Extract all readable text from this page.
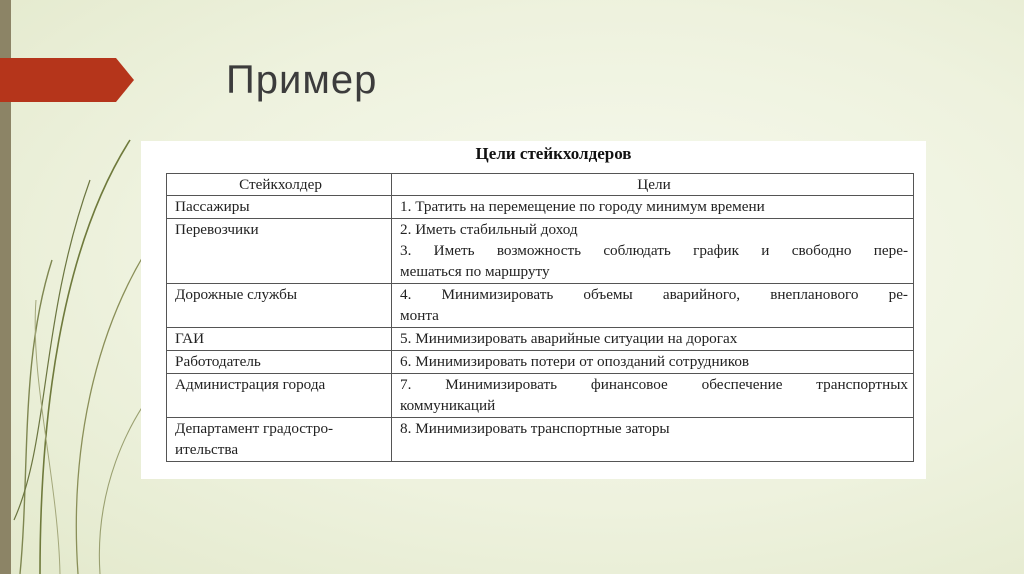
Пример
Цели стейкхолдеров
Стейкхолдер	Цели

Пассажиры	1. Тратить на перемещение по городу минимум времени

Перевозчики	2. Иметь стабильный доход
3. Иметь возможность соблюдать график и свободно пере-
мешаться по маршруту

Дорожные службы	4. Минимизировать объемы аварийного, внепланового ре-
монта

ГАИ	5. Минимизировать аварийные ситуации на дорогах

Работодатель	6. Минимизировать потери от опозданий сотрудников

Администрация города	7. Минимизировать финансовое обеспечение транспортных
коммуникаций

Департамент градостро-
ительства	8. Минимизировать транспортные заторы
